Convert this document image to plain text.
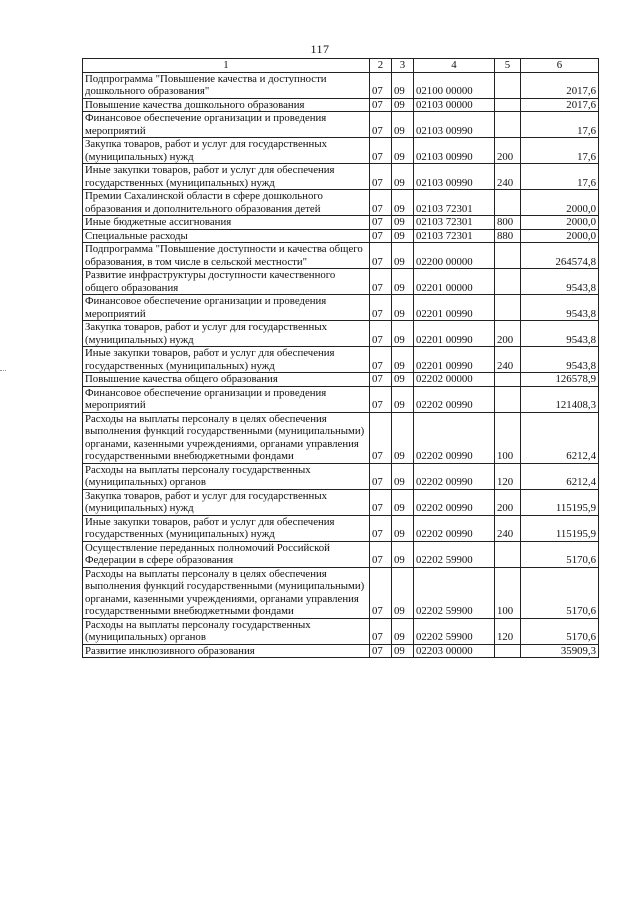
117
1	2	3	4	5	6
Подпрограмма "Повышение качества и доступности дошкольного образования"	07	09	02100 00000		2017,6
Повышение качества дошкольного образования	07	09	02103 00000		2017,6
Финансовое обеспечение организации и проведения мероприятий	07	09	02103 00990		17,6
Закупка товаров, работ и услуг для государственных (муниципальных) нужд	07	09	02103 00990	200	17,6
Иные закупки товаров, работ и услуг для обеспечения государственных (муниципальных) нужд	07	09	02103 00990	240	17,6
Премии Сахалинской области в сфере дошкольного образования и дополнительного образования детей	07	09	02103 72301		2000,0
Иные бюджетные ассигнования	07	09	02103 72301	800	2000,0
Специальные расходы	07	09	02103 72301	880	2000,0
Подпрограмма "Повышение доступности и качества общего образования, в том числе в сельской местности"	07	09	02200 00000		264574,8
Развитие инфраструктуры доступности качественного общего образования	07	09	02201 00000		9543,8
Финансовое обеспечение организации и проведения мероприятий	07	09	02201 00990		9543,8
Закупка товаров, работ и услуг для государственных (муниципальных) нужд	07	09	02201 00990	200	9543,8
Иные закупки товаров, работ и услуг для обеспечения государственных (муниципальных) нужд	07	09	02201 00990	240	9543,8
Повышение качества общего образования	07	09	02202 00000		126578,9
Финансовое обеспечение организации и проведения мероприятий	07	09	02202 00990		121408,3
Расходы на выплаты персоналу в целях обеспечения выполнения функций государственными (муниципальными) органами, казенными учреждениями, органами управления государственными внебюджетными фондами	07	09	02202 00990	100	6212,4
Расходы на выплаты персоналу государственных (муниципальных) органов	07	09	02202 00990	120	6212,4
Закупка товаров, работ и услуг для государственных (муниципальных) нужд	07	09	02202 00990	200	115195,9
Иные закупки товаров, работ и услуг для обеспечения государственных (муниципальных) нужд	07	09	02202 00990	240	115195,9
Осуществление переданных полномочий Российской Федерации в сфере образования	07	09	02202 59900		5170,6
Расходы на выплаты персоналу в целях обеспечения выполнения функций государственными (муниципальными) органами, казенными учреждениями, органами управления государственными внебюджетными фондами	07	09	02202 59900	100	5170,6
Расходы на выплаты персоналу государственных (муниципальных) органов	07	09	02202 59900	120	5170,6
Развитие инклюзивного образования	07	09	02203 00000		35909,3
